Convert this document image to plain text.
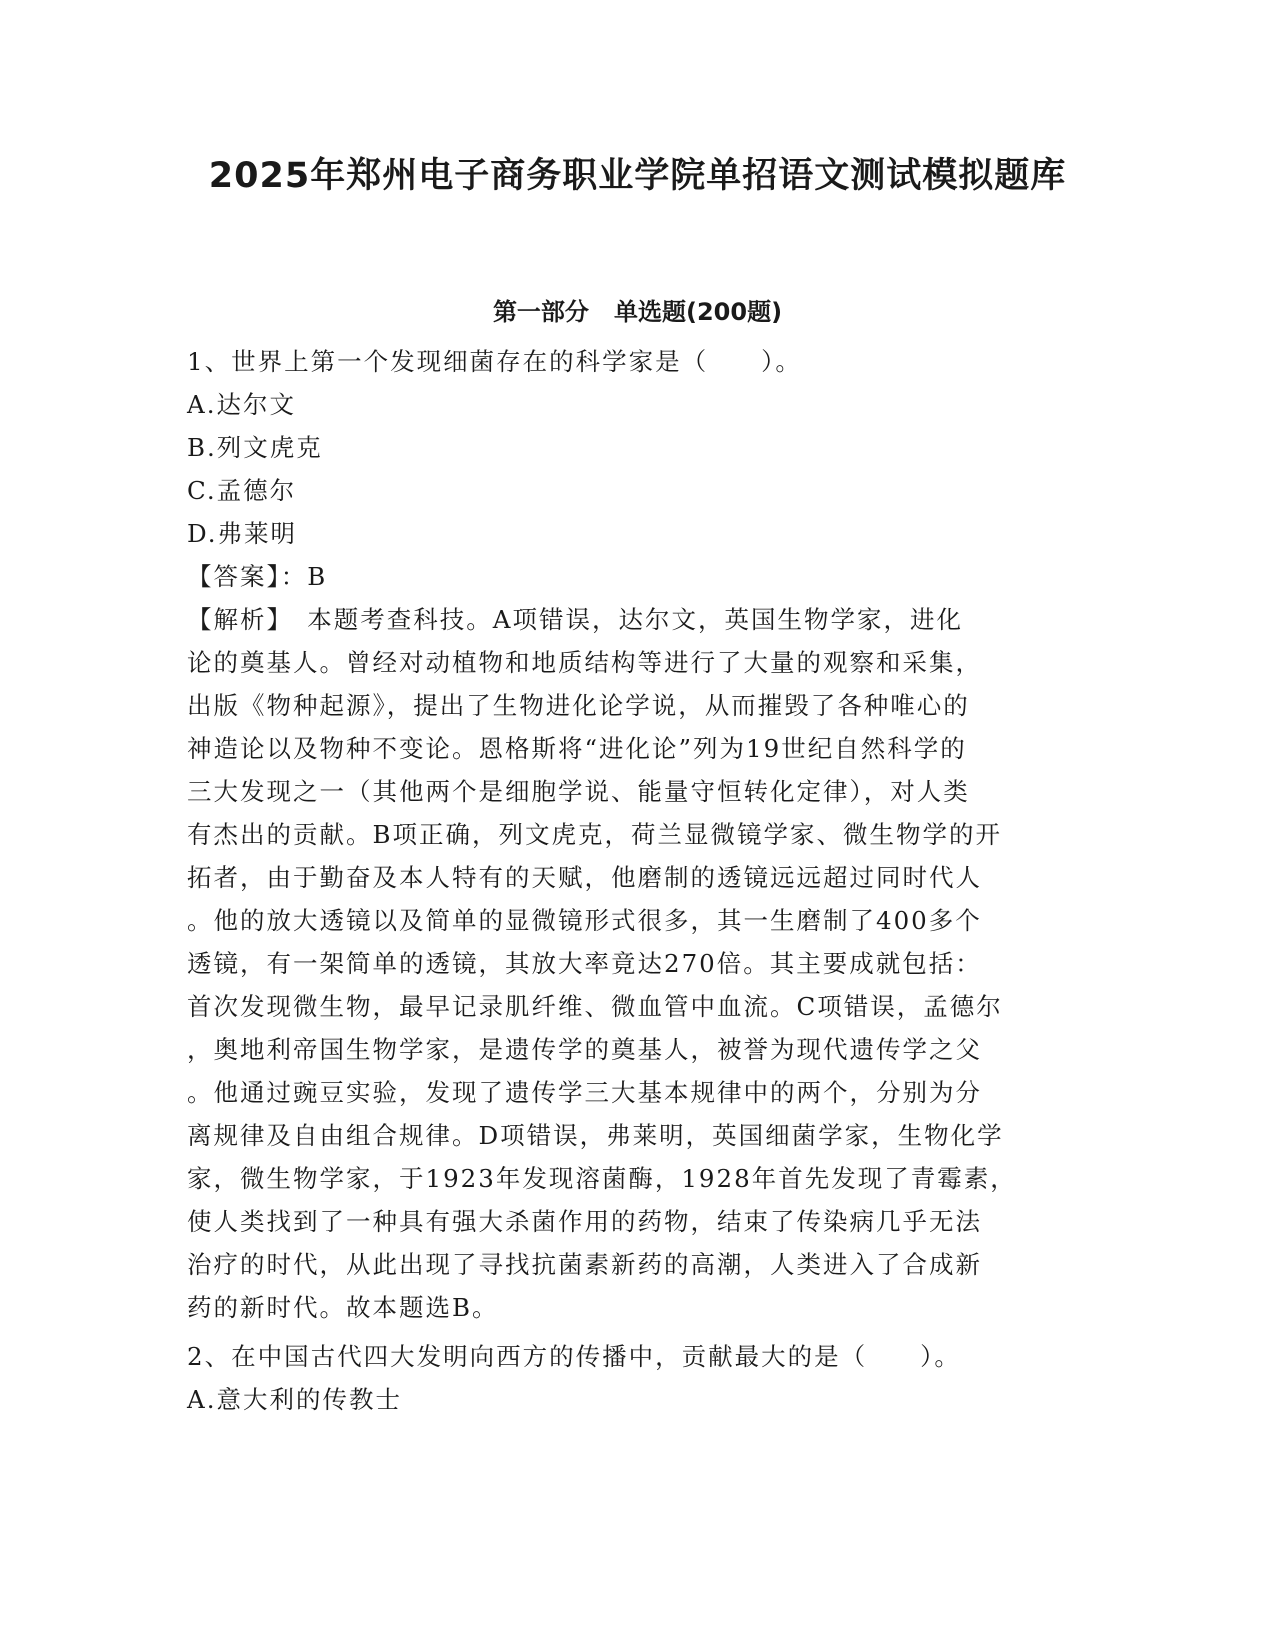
2025年郑州电子商务职业学院单招语文测试模拟题库
第一部分   单选题(200题)

1、世界上第一个发现细菌存在的科学家是（　　）。

A.达尔文

B.列文虎克

C.孟德尔

D.弗莱明

【答案】：B

【解析】　本题考查科技。A项错误，达尔文，英国生物学家，进化

论的奠基人。曾经对动植物和地质结构等进行了大量的观察和采集，

出版《物种起源》，提出了生物进化论学说，从而摧毁了各种唯心的

神造论以及物种不变论。恩格斯将“进化论”列为19世纪自然科学的

三大发现之一（其他两个是细胞学说、能量守恒转化定律），对人类

有杰出的贡献。B项正确，列文虎克，荷兰显微镜学家、微生物学的开

拓者，由于勤奋及本人特有的天赋，他磨制的透镜远远超过同时代人

。他的放大透镜以及简单的显微镜形式很多，其一生磨制了400多个

透镜，有一架简单的透镜，其放大率竟达270倍。其主要成就包括：

首次发现微生物，最早记录肌纤维、微血管中血流。C项错误，孟德尔

，奥地利帝国生物学家，是遗传学的奠基人，被誉为现代遗传学之父

。他通过豌豆实验，发现了遗传学三大基本规律中的两个，分别为分

离规律及自由组合规律。D项错误，弗莱明，英国细菌学家，生物化学

家，微生物学家，于1923年发现溶菌酶，1928年首先发现了青霉素，

使人类找到了一种具有强大杀菌作用的药物，结束了传染病几乎无法

治疗的时代，从此出现了寻找抗菌素新药的高潮，人类进入了合成新

药的新时代。故本题选B。

2、在中国古代四大发明向西方的传播中，贡献最大的是（　　）。

A.意大利的传教士
